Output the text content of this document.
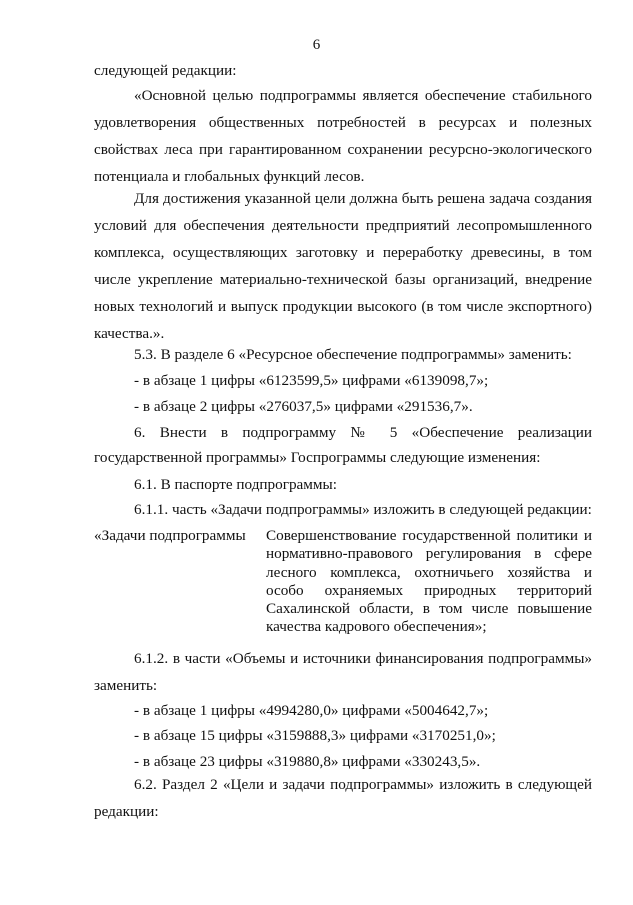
6

следующей редакции:

«Основной целью подпрограммы является обеспечение стабильного удовлетворения общественных потребностей в ресурсах и полезных свойствах леса при гарантированном сохранении ресурсно-экологического потенциала и глобальных функций лесов.

Для достижения указанной цели должна быть решена задача создания условий для обеспечения деятельности предприятий лесопромышленного комплекса, осуществляющих заготовку и переработку древесины, в том числе укрепление материально-технической базы организаций, внедрение новых технологий и выпуск продукции высокого (в том числе экспортного) качества.».

5.3. В разделе 6 «Ресурсное обеспечение подпрограммы» заменить:

- в абзаце 1 цифры «6123599,5» цифрами «6139098,7»;

- в абзаце 2 цифры «276037,5» цифрами «291536,7».

6. Внести в подпрограмму № 5 «Обеспечение реализации государственной программы» Госпрограммы следующие изменения:

6.1. В паспорте подпрограммы:

6.1.1. часть «Задачи подпрограммы» изложить в следующей редакции:

«Задачи подпрограммы	Совершенствование государственной политики и нормативно-правового регулирования в сфере лесного комплекса, охотничьего хозяйства и особо охраняемых природных территорий Сахалинской области, в том числе повышение качества кадрового обеспечения»;

6.1.2. в части «Объемы и источники финансирования подпрограммы» заменить:

- в абзаце 1 цифры «4994280,0» цифрами «5004642,7»;

- в абзаце 15 цифры «3159888,3» цифрами «3170251,0»;

- в абзаце 23 цифры «319880,8» цифрами «330243,5».

6.2. Раздел 2 «Цели и задачи подпрограммы» изложить в следующей редакции:
